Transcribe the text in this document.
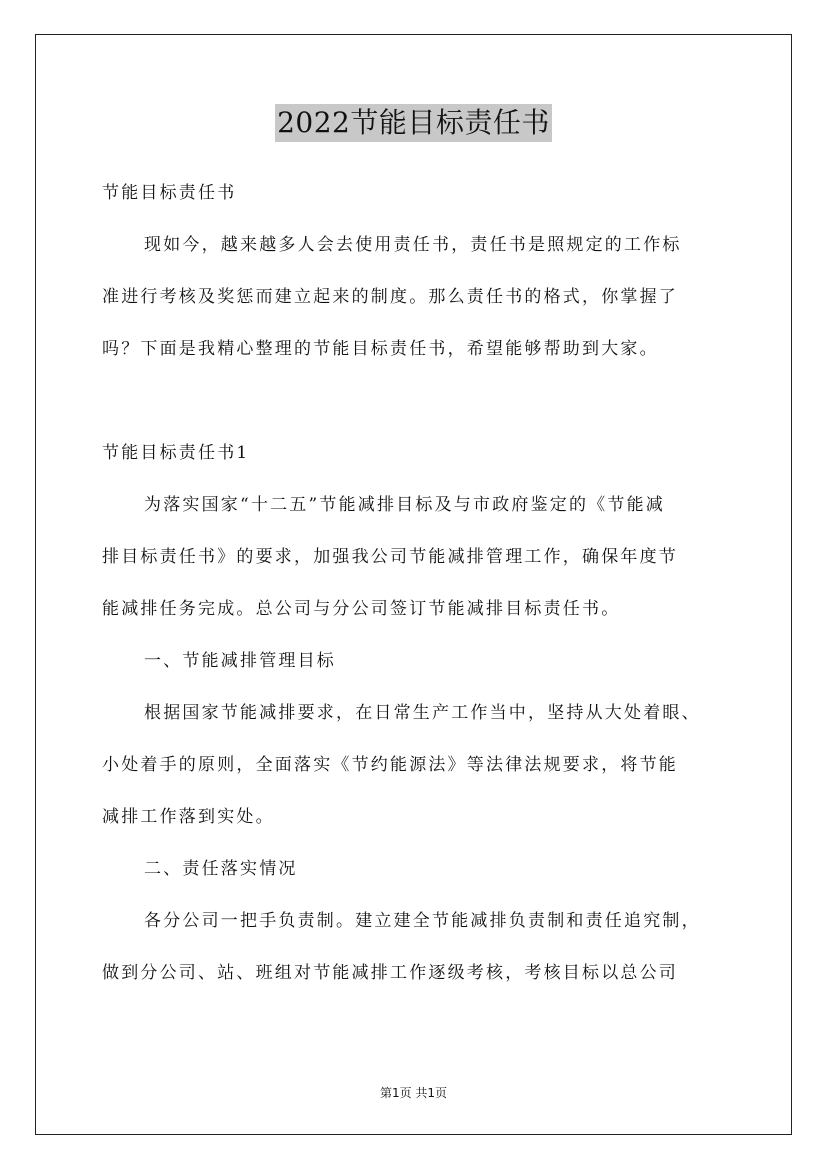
2022节能目标责任书
节能目标责任书
现如今，越来越多人会去使用责任书，责任书是照规定的工作标
准进行考核及奖惩而建立起来的制度。那么责任书的格式，你掌握了
吗？下面是我精心整理的节能目标责任书，希望能够帮助到大家。
节能目标责任书1
为落实国家“十二五”节能减排目标及与市政府鉴定的《节能减
排目标责任书》的要求，加强我公司节能减排管理工作，确保年度节
能减排任务完成。总公司与分公司签订节能减排目标责任书。
一、节能减排管理目标
根据国家节能减排要求，在日常生产工作当中，坚持从大处着眼、
小处着手的原则，全面落实《节约能源法》等法律法规要求，将节能
减排工作落到实处。
二、责任落实情况
各分公司一把手负责制。建立建全节能减排负责制和责任追究制，
做到分公司、站、班组对节能减排工作逐级考核，考核目标以总公司
第1页 共1页
